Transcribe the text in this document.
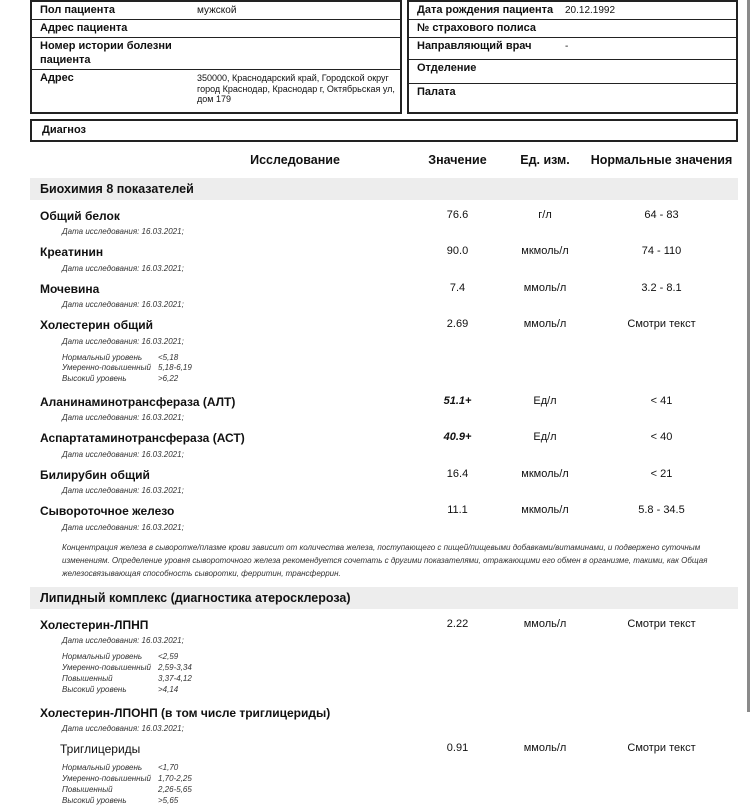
Пол пациента	мужской
Адрес пациента
Номер истории болезни пациента
Адрес	350000, Краснодарский край, Городской округ город Краснодар, Краснодар г, Октябрьская ул, дом 179
Дата рождения пациента	20.12.1992
№ страхового полиса
Направляющий врач	-
Отделение
Палата
Диагноз
Исследование	Значение	Ед. изм.	Нормальные значения
Биохимия 8 показателей
Общий белок	76.6	г/л	64 - 83
Дата исследования: 16.03.2021;
Креатинин	90.0	мкмоль/л	74 - 110
Дата исследования: 16.03.2021;
Мочевина	7.4	ммоль/л	3.2 - 8.1
Дата исследования: 16.03.2021;
Холестерин общий	2.69	ммоль/л	Смотри текст
Дата исследования: 16.03.2021;
Нормальный уровень <5,18
Умеренно-повышенный 5,18-6,19
Высокий уровень	>6,22
Аланинаминотрансфераза (АЛТ)	51.1+	Ед/л	< 41
Дата исследования: 16.03.2021;
Аспартатаминотрансфераза (АСТ)	40.9+	Ед/л	< 40
Дата исследования: 16.03.2021;
Билирубин общий	16.4	мкмоль/л	< 21
Дата исследования: 16.03.2021;
Сывороточное железо	11.1	мкмоль/л	5.8 - 34.5
Дата исследования: 16.03.2021;
Концентрация железа в сыворотке/плазме крови зависит от количества железа, поступающего с пищей/пищевыми добавками/витаминами, и подвержено суточным изменениям. Определение уровня сывороточного железа рекомендуется сочетать с другими показателями, отражающими его обмен в организме, такими, как Общая железосвязывающая способность сыворотки, ферритин, трансферрин.
Липидный комплекс (диагностика атеросклероза)
Холестерин-ЛПНП	2.22	ммоль/л	Смотри текст
Дата исследования: 16.03.2021;
Нормальный уровень <2,59
Умеренно-повышенный 2,59-3,34
Повышенный	3,37-4,12
Высокий уровень	>4,14
Холестерин-ЛПОНП (в том числе триглицериды)
Дата исследования: 16.03.2021;
Триглицериды	0.91	ммоль/л	Смотри текст
Нормальный уровень <1,70
Умеренно-повышенный 1,70-2,25
Повышенный	2,26-5,65
Высокий уровень	>5,65
